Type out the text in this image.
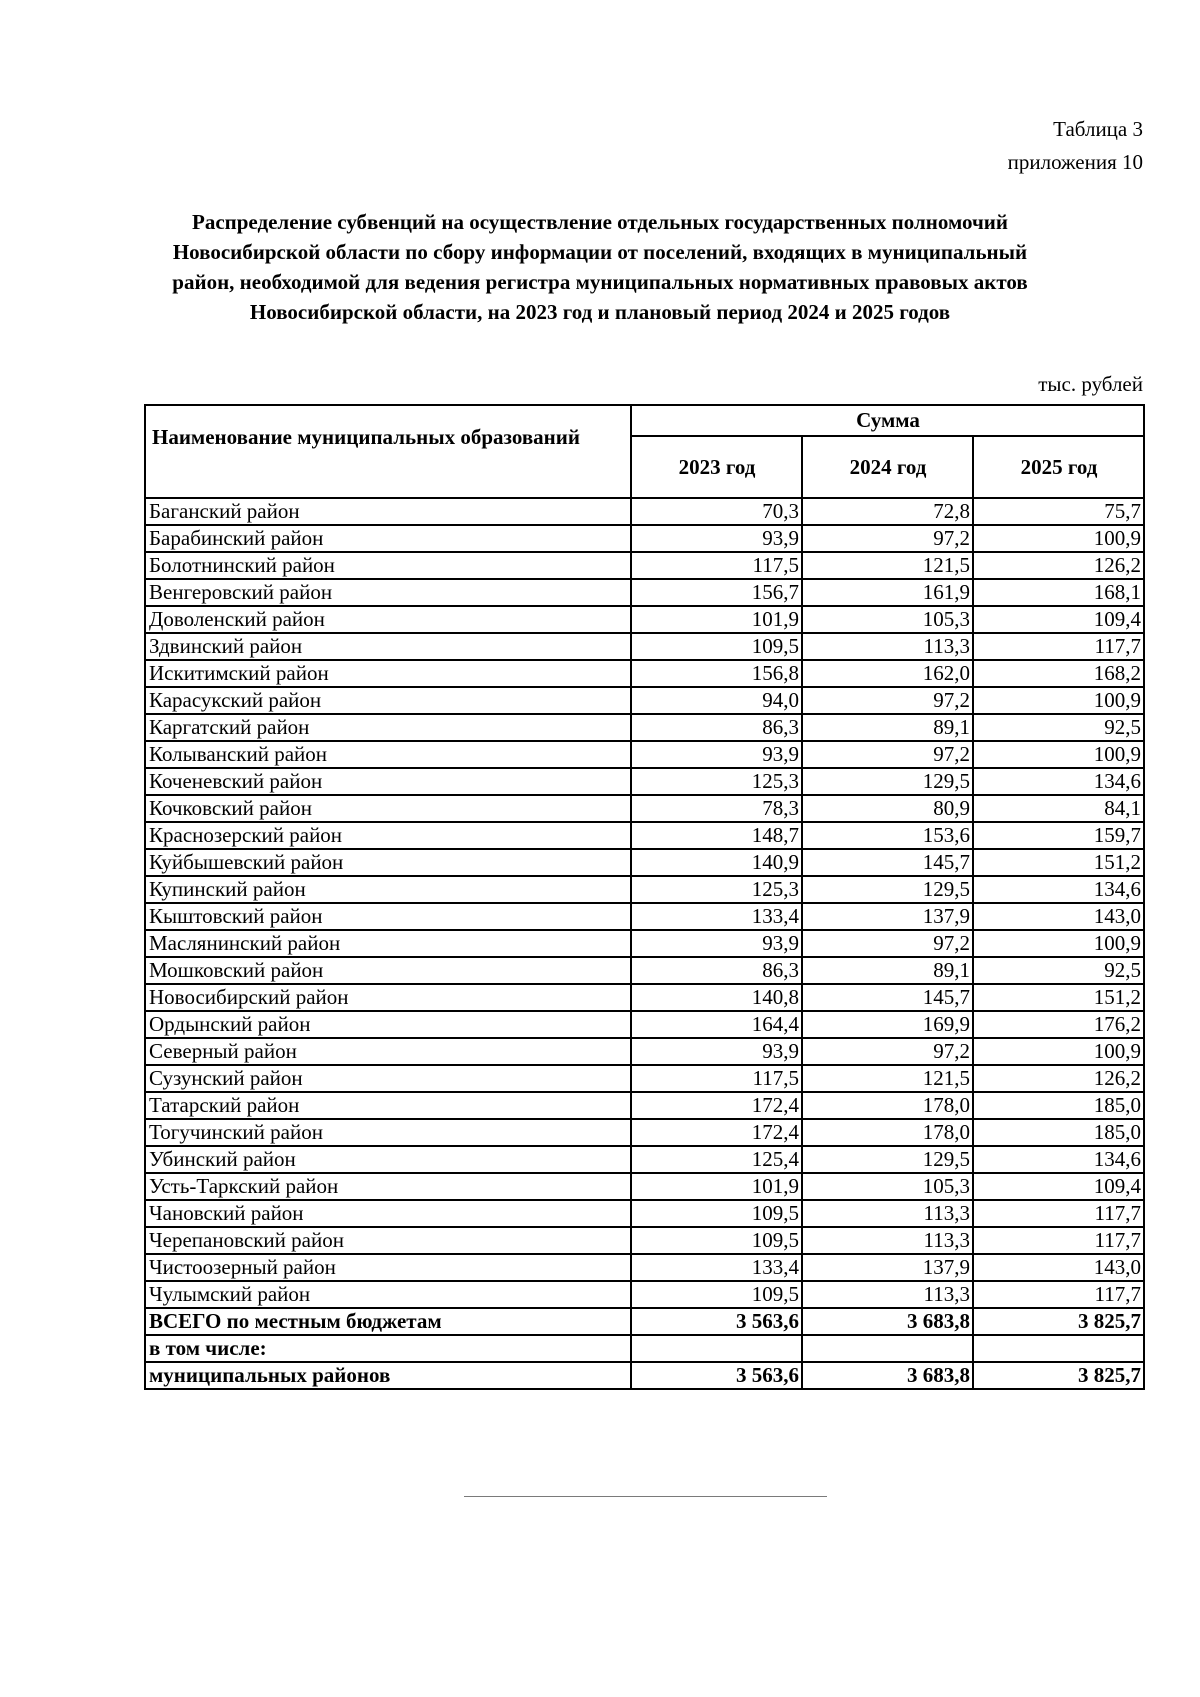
Таблица 3
приложения 10
Распределение субвенций на осуществление отдельных государственных полномочий
Новосибирской области по сбору информации от поселений, входящих в муниципальный
район, необходимой для ведения регистра муниципальных нормативных правовых актов
Новосибирской области, на 2023 год и плановый период 2024 и 2025 годов
тыс. рублей
Наименование муниципальных образований	Сумма		
	2023 год	2024 год	2025 год
Баганский район	70,3	72,8	75,7
Барабинский район	93,9	97,2	100,9
Болотнинский район	117,5	121,5	126,2
Венгеровский район	156,7	161,9	168,1
Доволенский район	101,9	105,3	109,4
Здвинский район	109,5	113,3	117,7
Искитимский район	156,8	162,0	168,2
Карасукский район	94,0	97,2	100,9
Каргатский район	86,3	89,1	92,5
Колыванский район	93,9	97,2	100,9
Коченевский район	125,3	129,5	134,6
Кочковский район	78,3	80,9	84,1
Краснозерский район	148,7	153,6	159,7
Куйбышевский район	140,9	145,7	151,2
Купинский район	125,3	129,5	134,6
Кыштовский район	133,4	137,9	143,0
Маслянинский район	93,9	97,2	100,9
Мошковский район	86,3	89,1	92,5
Новосибирский район	140,8	145,7	151,2
Ордынский район	164,4	169,9	176,2
Северный район	93,9	97,2	100,9
Сузунский район	117,5	121,5	126,2
Татарский район	172,4	178,0	185,0
Тогучинский район	172,4	178,0	185,0
Убинский район	125,4	129,5	134,6
Усть-Таркский район	101,9	105,3	109,4
Чановский район	109,5	113,3	117,7
Черепановский район	109,5	113,3	117,7
Чистоозерный район	133,4	137,9	143,0
Чулымский район	109,5	113,3	117,7
ВСЕГО по местным бюджетам	3 563,6	3 683,8	3 825,7
в том числе:			
муниципальных районов	3 563,6	3 683,8	3 825,7
